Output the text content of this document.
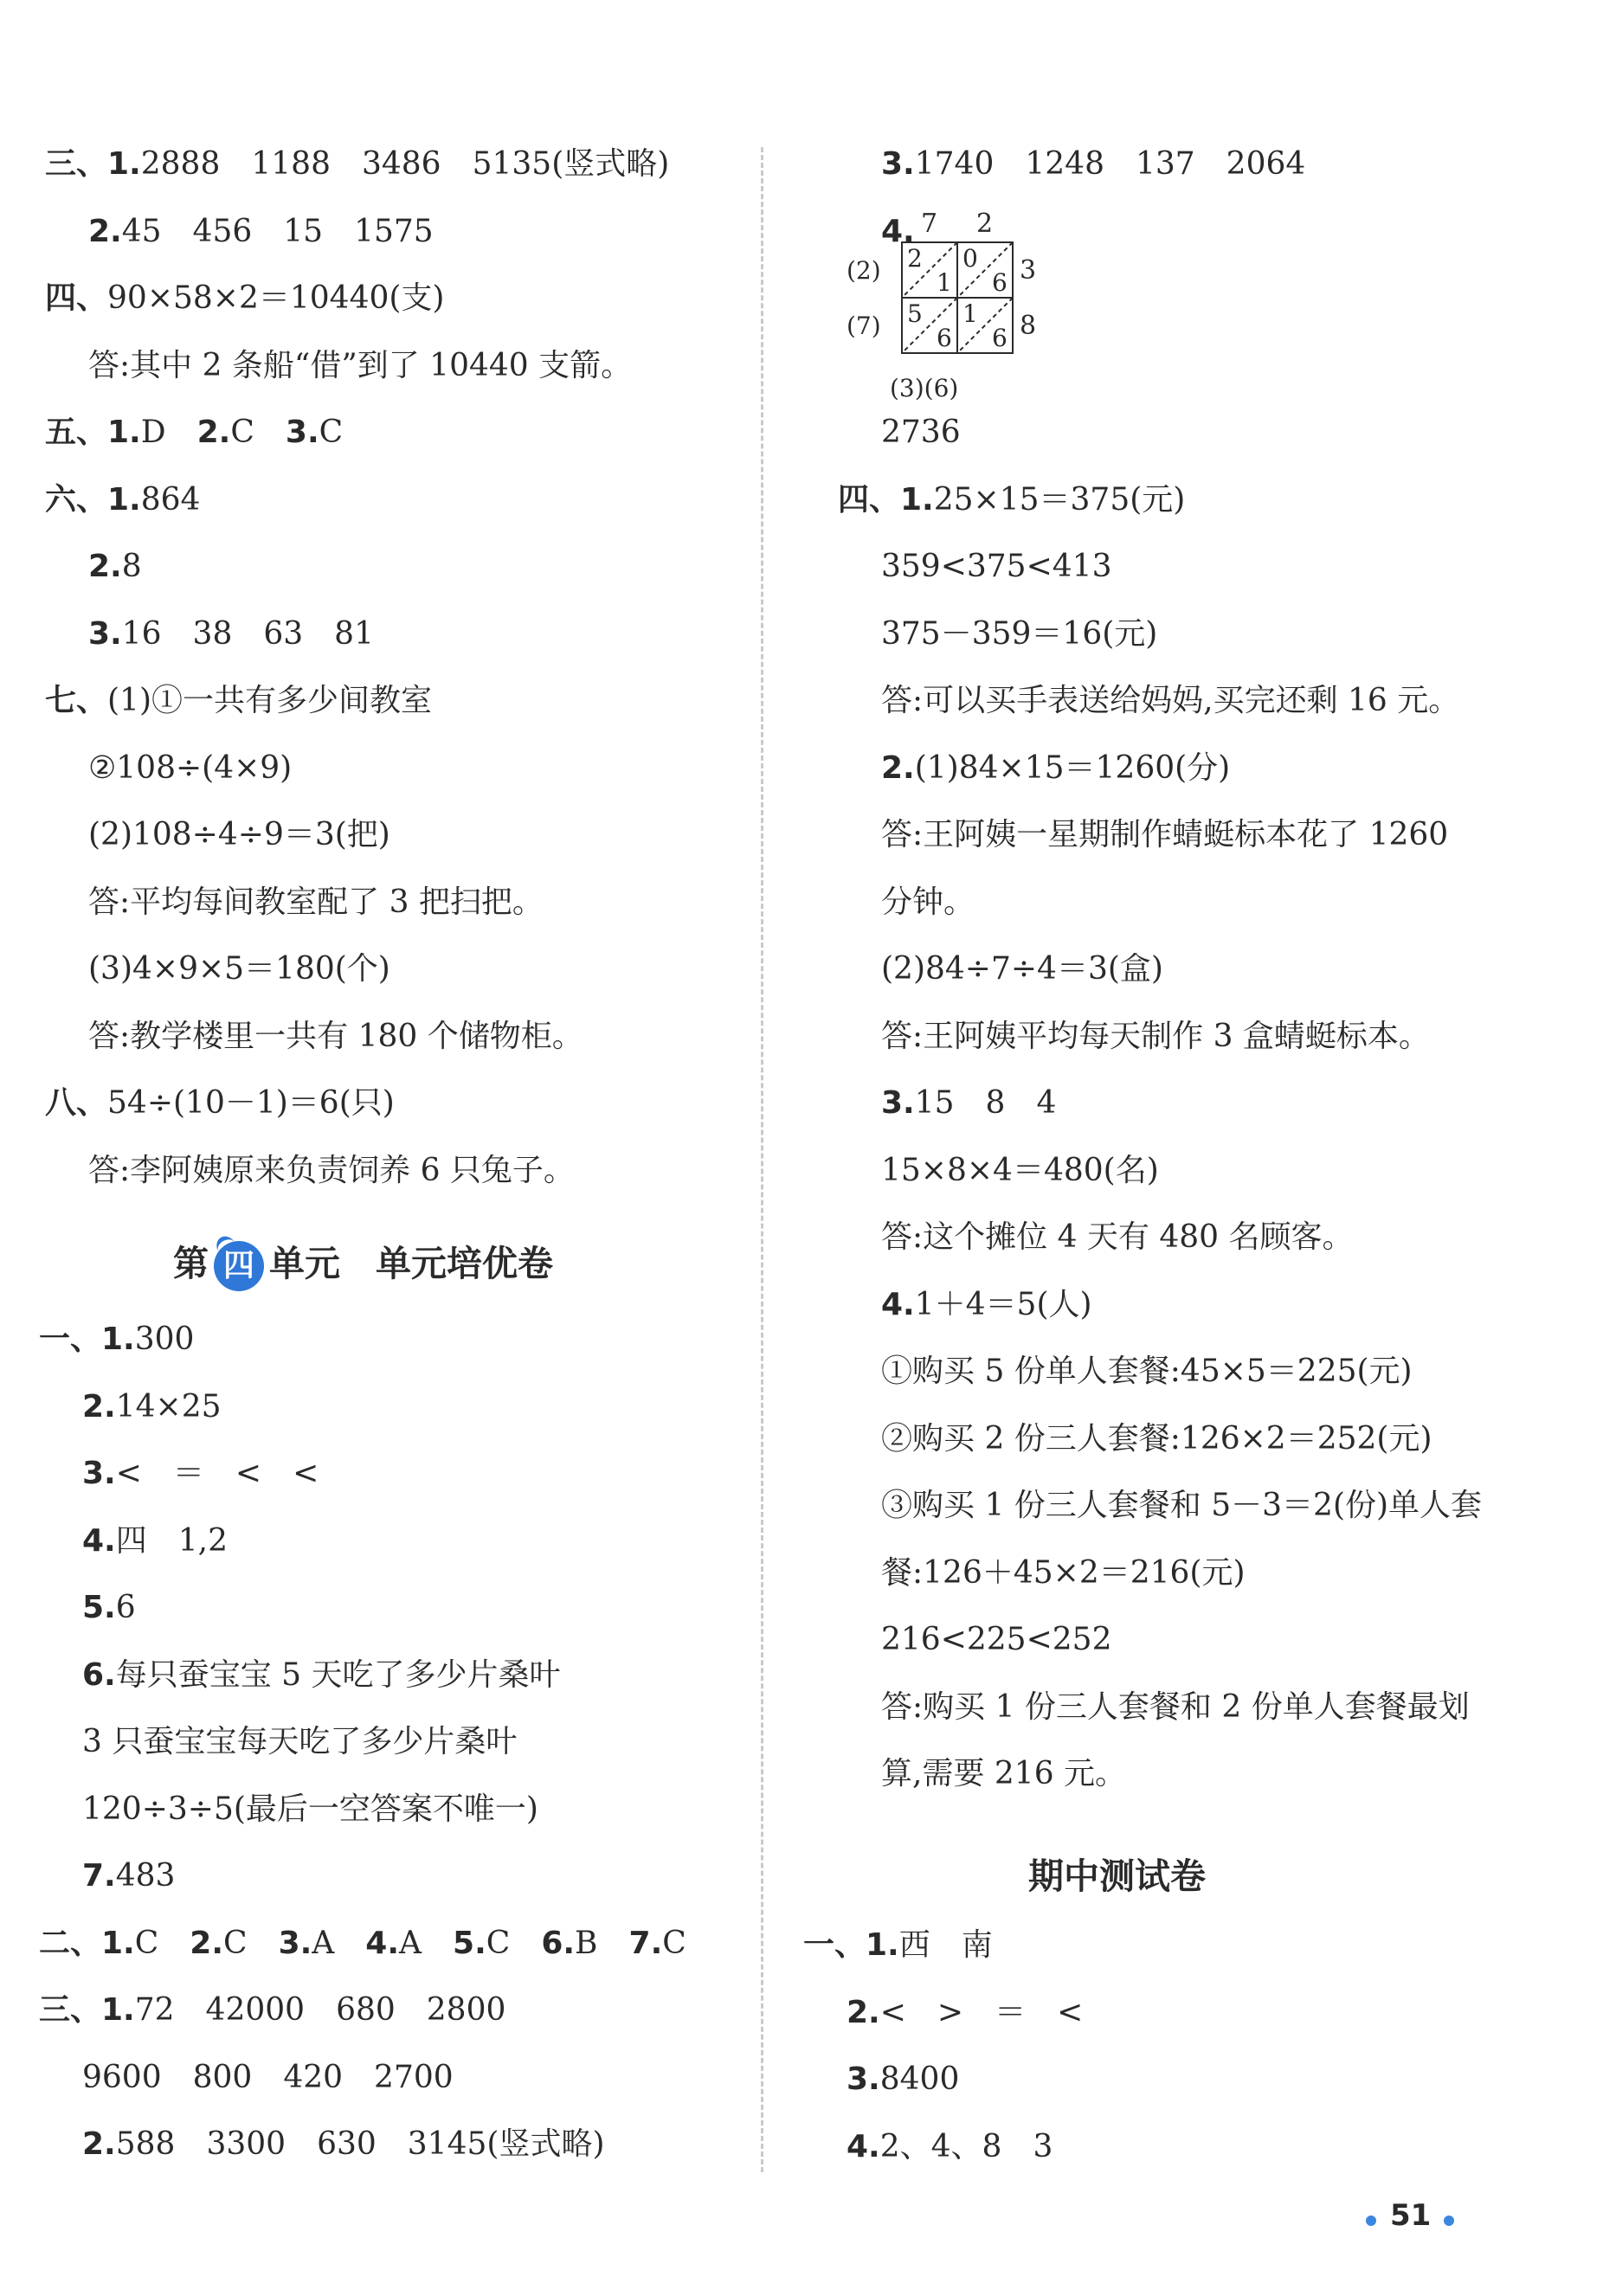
三、1.2888　1188　3486　5135(竖式略)
2.45　456　15　1575
四、90×58×2＝10440(支)
答:其中 2 条船“借”到了 10440 支箭。
五、1.D　2.C　3.C
六、1.864
2.8
3.16　38　63　81
七、(1)①一共有多少间教室
②108÷(4×9)
(2)108÷4÷9＝3(把)
答:平均每间教室配了 3 把扫把。
(3)4×9×5＝180(个)
答:教学楼里一共有 180 个储物柜。
八、54÷(10－1)＝6(只)
答:李阿姨原来负责饲养 6 只兔子。
第 四 单元　单元培优卷
一、1.300
2.14×25
3.<　＝　<　<
4.四　1,2
5.6
6.每只蚕宝宝 5 天吃了多少片桑叶
3 只蚕宝宝每天吃了多少片桑叶
120÷3÷5(最后一空答案不唯一)
7.483
二、1.C　2.C　3.A　4.A　5.C　6.B　7.C
三、1.72　42000　680　2800
9600　800　420　2700
2.588　3300　630　3145(竖式略)
3.1740　1248　137　2064
4. 7 2
(2)
(7)
3
8
2
1
0
6
5
6
1
6
(3)(6)
2736
四、1.25×15＝375(元)
359<375<413
375－359＝16(元)
答:可以买手表送给妈妈,买完还剩 16 元。
2.(1)84×15＝1260(分)
答:王阿姨一星期制作蜻蜓标本花了 1260
分钟。
(2)84÷7÷4＝3(盒)
答:王阿姨平均每天制作 3 盒蜻蜓标本。
3.15　8　4
15×8×4＝480(名)
答:这个摊位 4 天有 480 名顾客。
4.1＋4＝5(人)
①购买 5 份单人套餐:45×5＝225(元)
②购买 2 份三人套餐:126×2＝252(元)
③购买 1 份三人套餐和 5－3＝2(份)单人套
餐:126＋45×2＝216(元)
216<225<252
答:购买 1 份三人套餐和 2 份单人套餐最划
算,需要 216 元。
期中测试卷
一、1.西　南
2.<　>　＝　<
3.8400
4.2、4、8　3
51
